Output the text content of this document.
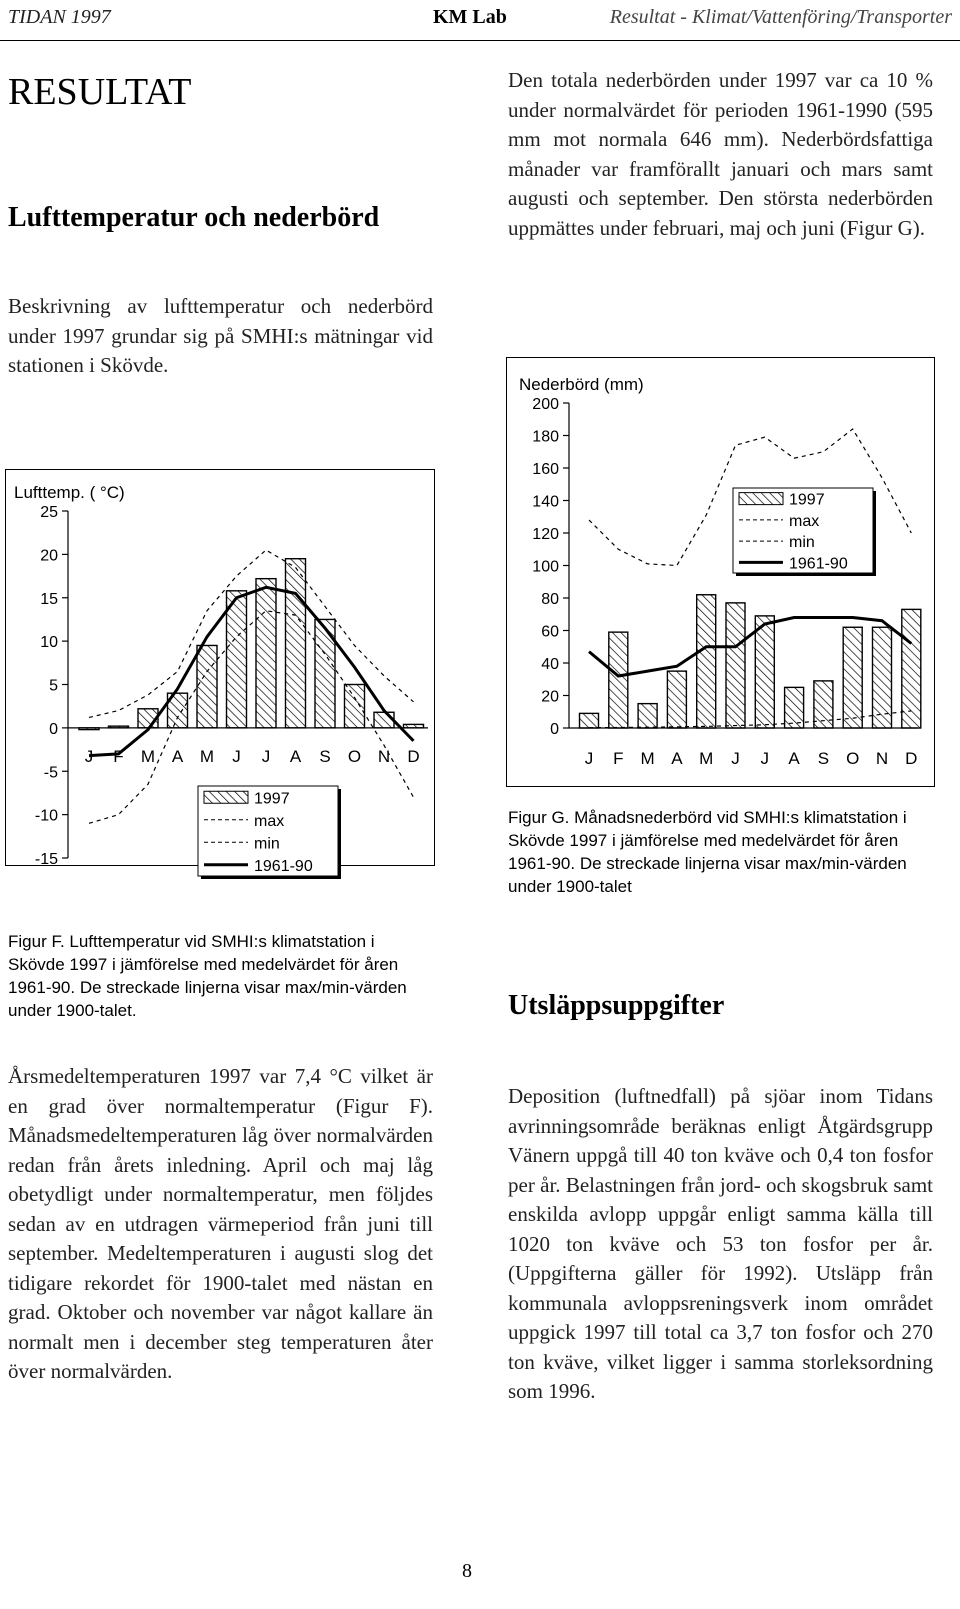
TIDAN 1997	KM Lab	Resultat - Klimat/Vattenföring/Transporter
RESULTAT
Lufttemperatur och nederbörd
Beskrivning av lufttemperatur och nederbörd under 1997 grundar sig på SMHI:s mätningar vid stationen i Skövde.
Lufttemp. ( °C)
25
20
15
10
5
0
-5
-10
-15
J F M A M J J A S O N D
1997
max
min
1961-90
Figur F. Lufttemperatur vid SMHI:s klimatstation i Skövde 1997 i jämförelse med medelvärdet för åren 1961-90. De streckade linjerna visar max/min-värden under 1900-talet.
Årsmedeltemperaturen 1997 var 7,4 °C vilket är en grad över normaltemperatur (Figur F). Månadsmedeltemperaturen låg över normalvärden redan från årets inledning. April och maj låg obetydligt under normaltemperatur, men följdes sedan av en utdragen värmeperiod från juni till september. Medeltemperaturen i augusti slog det tidigare rekordet för 1900-talet med nästan en grad. Oktober och november var något kallare än normalt men i december steg temperaturen åter över normalvärden.
Den totala nederbörden under 1997 var ca 10 % under normalvärdet för perioden 1961-1990 (595 mm mot normala 646 mm). Nederbördsfattiga månader var framförallt januari och mars samt augusti och september. Den största nederbörden uppmättes under februari, maj och juni (Figur G).
Nederbörd (mm)
200
180
160
140
120
100
80
60
40
20
0
J F M A M J J A S O N D
1997
max
min
1961-90
Figur G. Månadsnederbörd vid SMHI:s klimatstation i Skövde 1997 i jämförelse med medelvärdet för åren 1961-90. De streckade linjerna visar max/min-värden under 1900-talet
Utsläppsuppgifter
Deposition (luftnedfall) på sjöar inom Tidans avrinningsområde beräknas enligt Åtgärdsgrupp Vänern uppgå till 40 ton kväve och 0,4 ton fosfor per år. Belastningen från jord- och skogsbruk samt enskilda avlopp uppgår enligt samma källa till 1020 ton kväve och 53 ton fosfor per år. (Uppgifterna gäller för 1992). Utsläpp från kommunala avloppsreningsverk inom området uppgick 1997 till total ca 3,7 ton fosfor och 270 ton kväve, vilket ligger i samma storleksordning som 1996.
8
